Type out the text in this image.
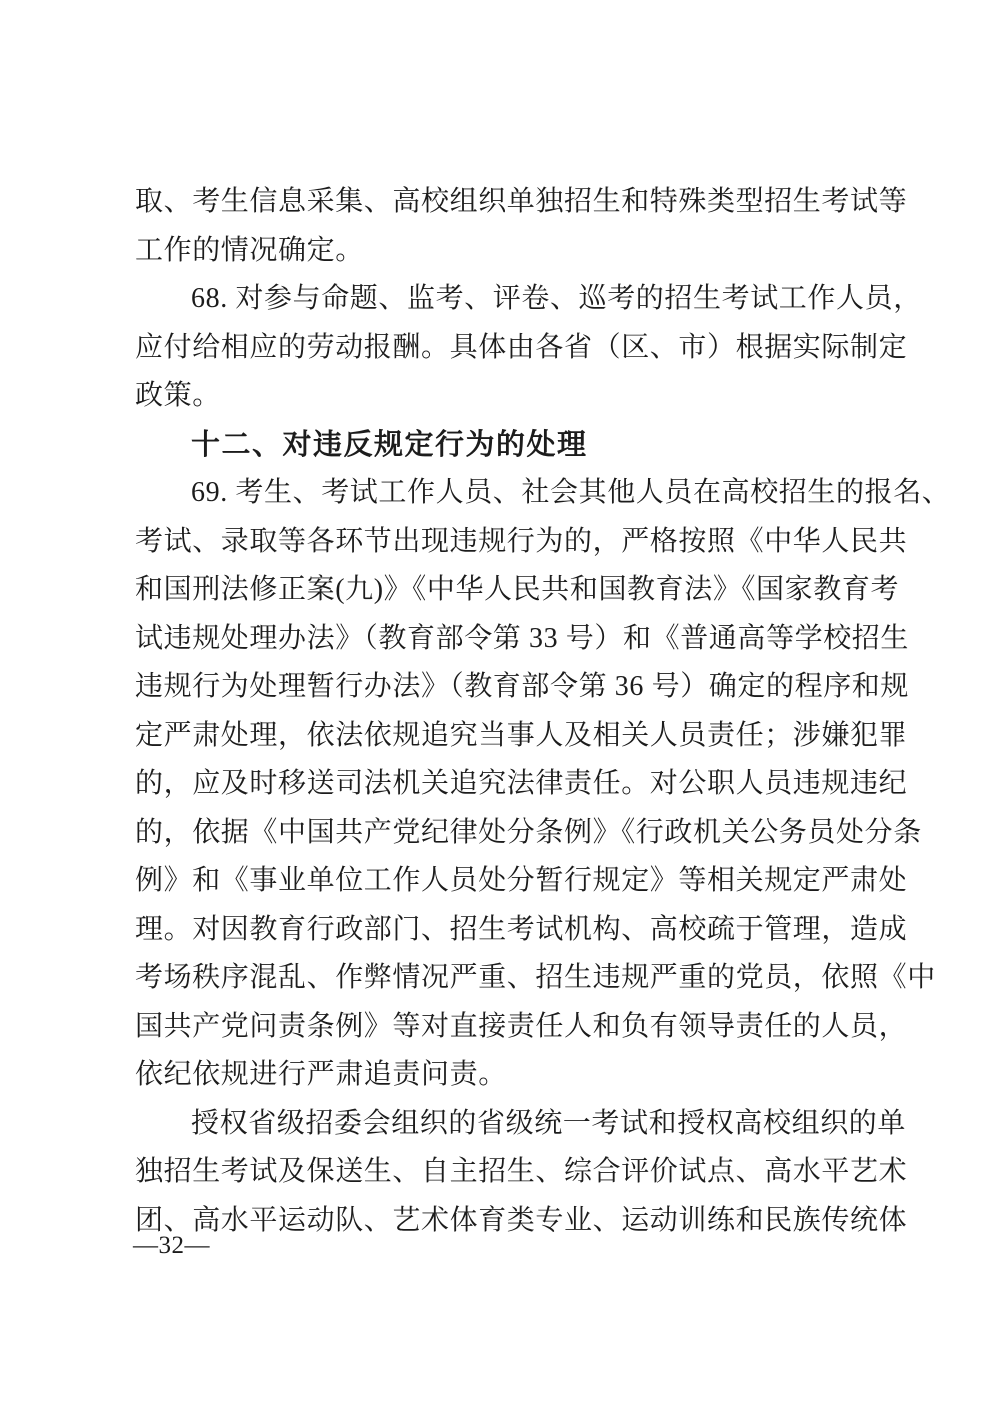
取、考生信息采集、高校组织单独招生和特殊类型招生考试等
工作的情况确定。
68. 对参与命题、监考、评卷、巡考的招生考试工作人员，
应付给相应的劳动报酬。具体由各省（区、市）根据实际制定
政策。
十二、对违反规定行为的处理
69. 考生、考试工作人员、社会其他人员在高校招生的报名、
考试、录取等各环节出现违规行为的，严格按照《中华人民共
和国刑法修正案(九)》《中华人民共和国教育法》《国家教育考
试违规处理办法》（教育部令第 33 号）和《普通高等学校招生
违规行为处理暂行办法》（教育部令第 36 号）确定的程序和规
定严肃处理，依法依规追究当事人及相关人员责任；涉嫌犯罪
的，应及时移送司法机关追究法律责任。对公职人员违规违纪
的，依据《中国共产党纪律处分条例》《行政机关公务员处分条
例》和《事业单位工作人员处分暂行规定》等相关规定严肃处
理。对因教育行政部门、招生考试机构、高校疏于管理，造成
考场秩序混乱、作弊情况严重、招生违规严重的党员，依照《中
国共产党问责条例》等对直接责任人和负有领导责任的人员，
依纪依规进行严肃追责问责。
授权省级招委会组织的省级统一考试和授权高校组织的单
独招生考试及保送生、自主招生、综合评价试点、高水平艺术
团、高水平运动队、艺术体育类专业、运动训练和民族传统体
—32—
